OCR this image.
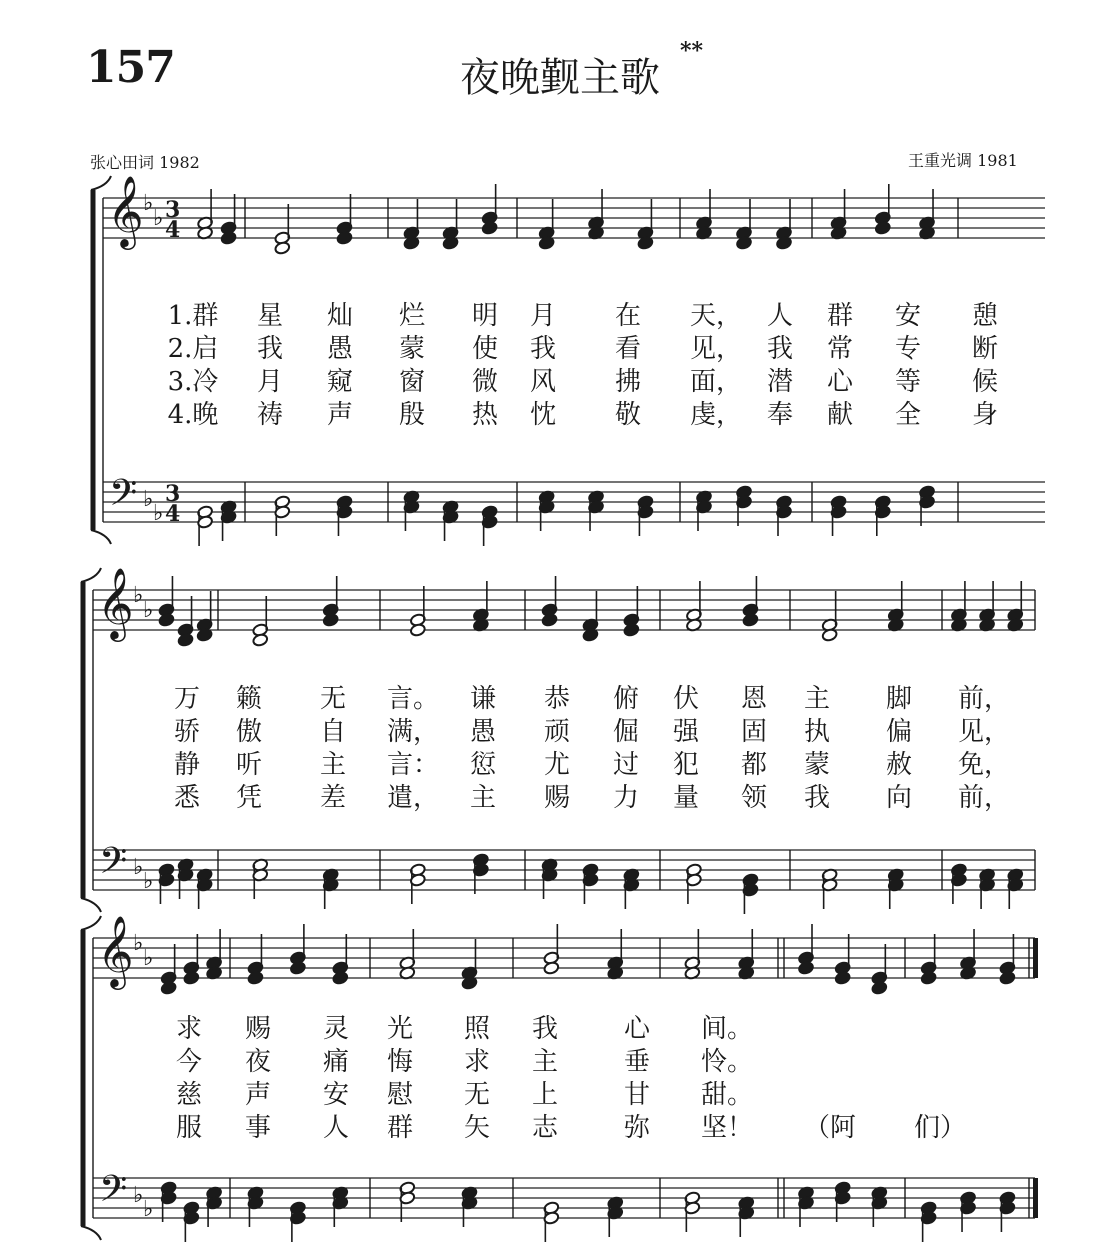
157	夜晚觐主歌
**
张心田词 1982	王重光调 1981
𝄞
𝄢
♭
♭
♭
♭
3
4
3
4
𝄞
𝄢
♭
♭
♭
♭
𝄞
𝄢
♭
♭
♭
♭
1.群 星 灿 烂 明 月 在 天， 人 群 安 憩
2.启 我 愚 蒙 使 我 看 见， 我 常 专 断
3.冷 月 窥 窗 微 风 拂 面， 潜 心 等 候
4.晚 祷 声 殷 热 忱 敬 虔， 奉 献 全 身
万 籁 无 言。 谦 恭 俯 伏 恩 主 脚 前，
骄 傲 自 满， 愚 顽 倔 强 固 执 偏 见，
静 听 主 言： 愆 尤 过 犯 都 蒙 赦 免，
悉 凭 差 遣， 主 赐 力 量 领 我 向 前，
求 赐 灵 光 照 我	心 间。
今 夜 痛 悔 求 主	垂 怜。
慈 声 安 慰 无 上	甘 甜。
服 事 人 群 矢 志	弥 坚！ （阿 们）
